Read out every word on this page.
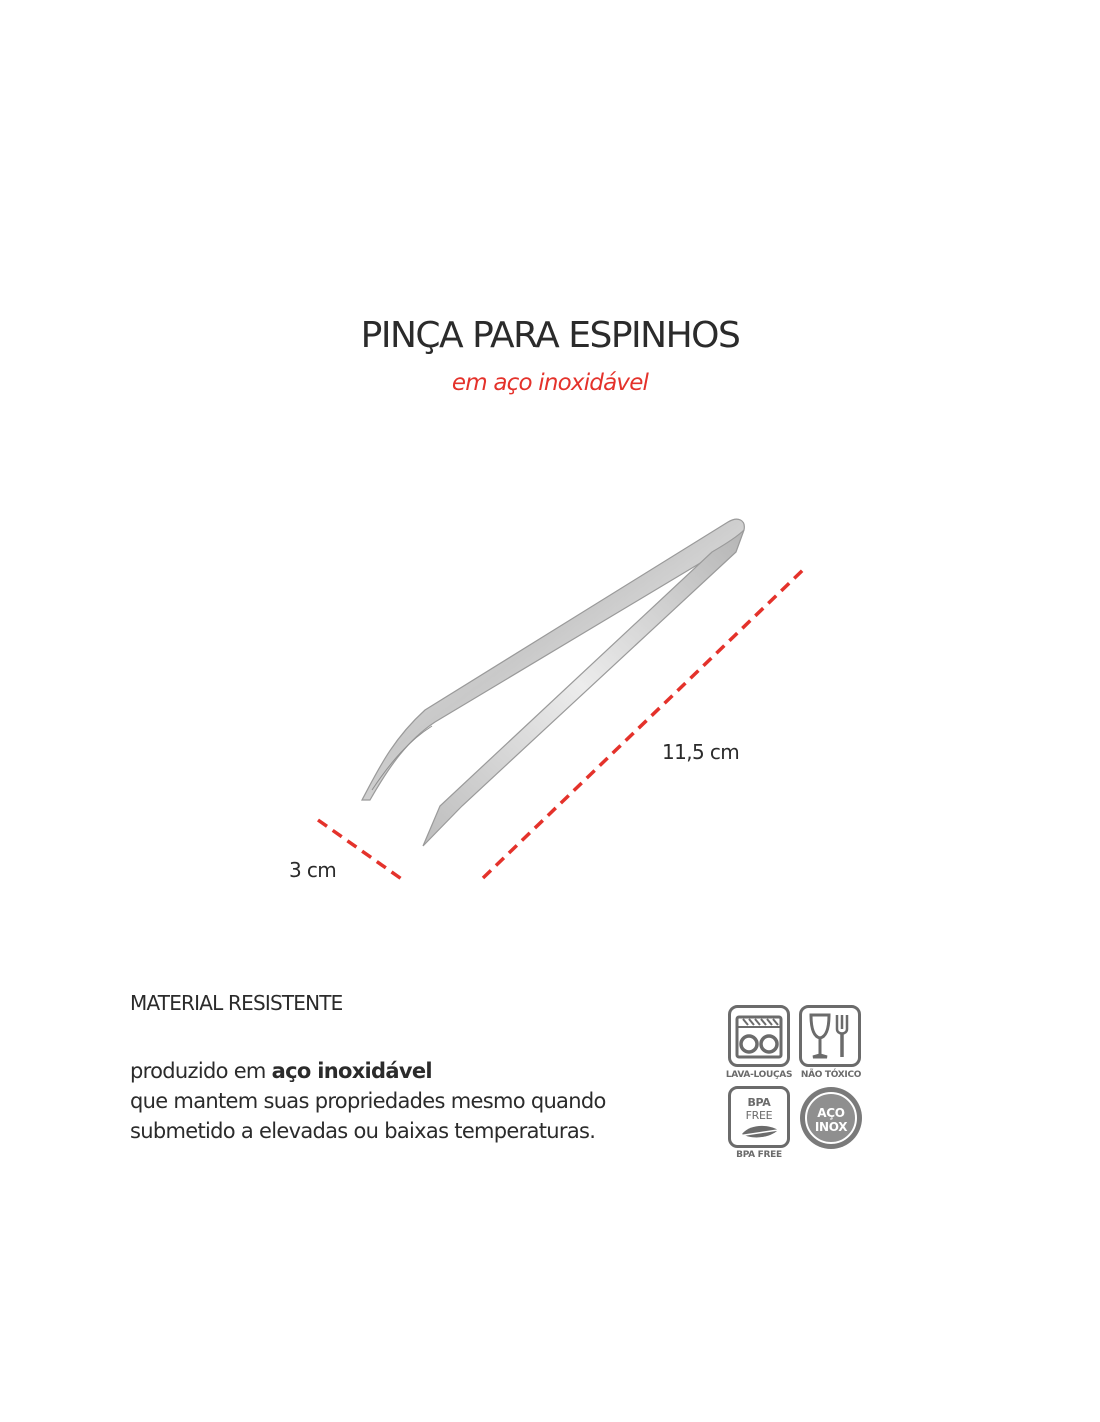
PINÇA PARA ESPINHOS
em aço inoxidável
11,5 cm
3 cm
MATERIAL RESISTENTE
produzido em aço inoxidável
que mantem suas propriedades mesmo quando
submetido a elevadas ou baixas temperaturas.
LAVA-LOUÇAS NÃO TÓXICO
BPA
FREE
BPA FREE
AÇO
INOX
